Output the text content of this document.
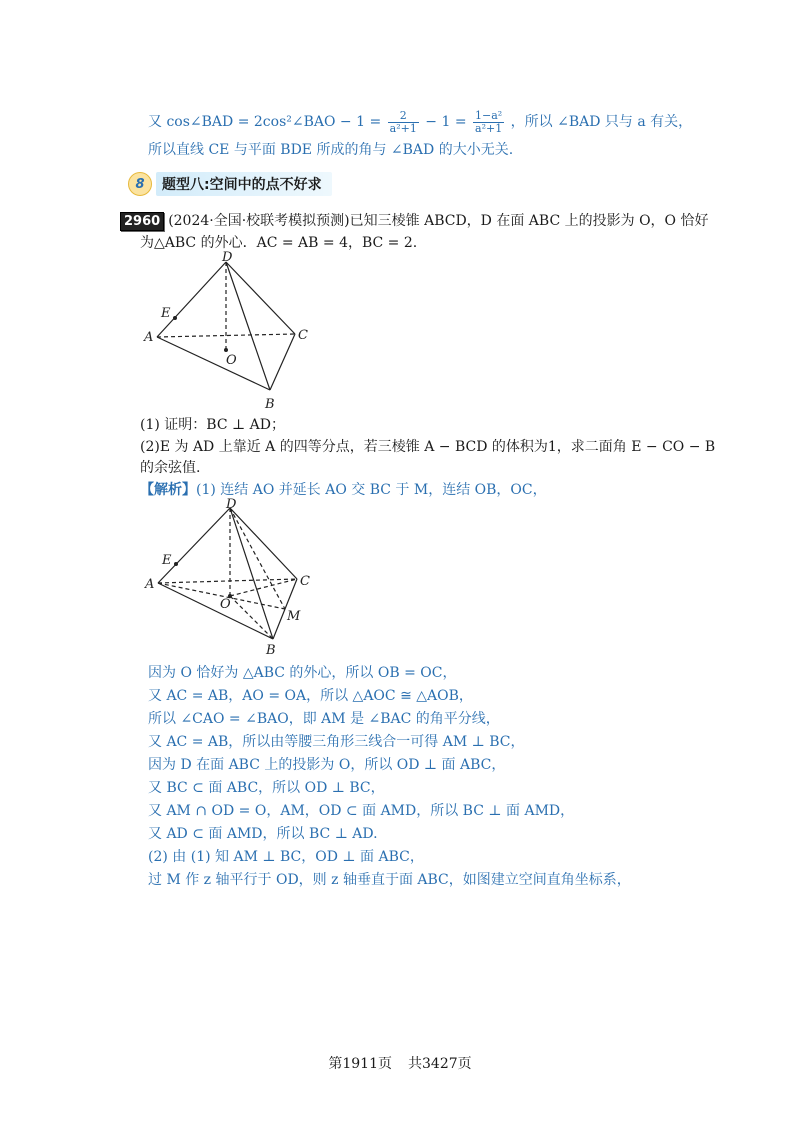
又 cos∠BAD = 2cos²∠BAO − $1 = \frac{2}{\text{a²+1}} - 1 = \frac{\text{1−a²}}{\text{a²+1}}$ ，所以 ∠BAD 只与 a 有关，
所以直线 CE 与平面 BDE 所成的角与 ∠BAD 的大小无关.
8	题型八:空间中的点不好求
2960 (2024·全国·校联考模拟预测)已知三棱锥 ABCD，D 在面 ABC 上的投影为 O，O 恰好
为△ABC 的外心．AC = AB = 4，BC = 2.
D
E
A	C
O
B
(1) 证明：BC ⊥ AD；
(2)E 为 AD 上靠近 A 的四等分点，若三棱锥 A − BCD 的体积为1，求二面角 E − CO − B
的余弦值.
【解析】(1) 连结 AO 并延长 AO 交 BC 于 M，连结 OB，OC，
D
E
A	C
O
M
B
因为 O 恰好为 △ABC 的外心，所以 OB = OC，
又 AC = AB，AO = OA，所以 △AOC ≅ △AOB，
所以 ∠CAO = ∠BAO，即 AM 是 ∠BAC 的角平分线，
又 AC = AB，所以由等腰三角形三线合一可得 AM ⊥ BC，
因为 D 在面 ABC 上的投影为 O，所以 OD ⊥ 面 ABC，
又 BC ⊂ 面 ABC，所以 OD ⊥ BC，
又 AM ∩ OD = O，AM，OD ⊂ 面 AMD，所以 BC ⊥ 面 AMD，
又 AD ⊂ 面 AMD，所以 BC ⊥ AD.
(2) 由 (1) 知 AM ⊥ BC，OD ⊥ 面 ABC，
过 M 作 z 轴平行于 OD，则 z 轴垂直于面 ABC，如图建立空间直角坐标系，
第1911页 共3427页
